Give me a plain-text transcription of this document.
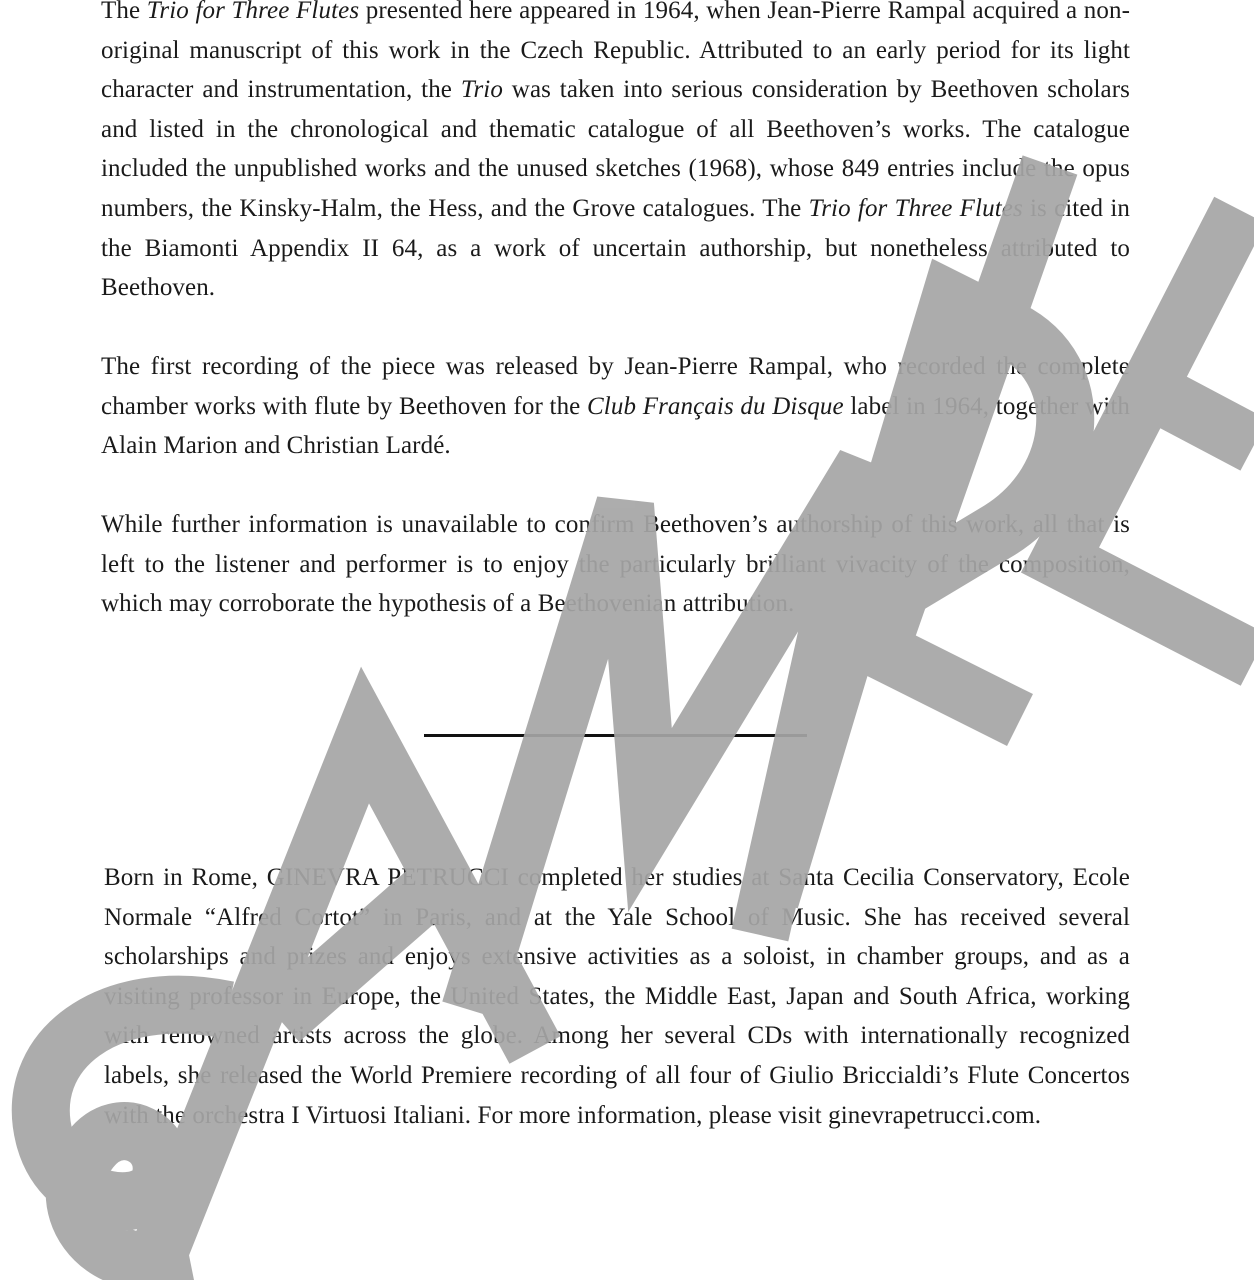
The Trio for Three Flutes presented here appeared in 1964, when Jean-Pierre Rampal acquired a non-original manuscript of this work in the Czech Republic. Attributed to an early period for its light character and instrumentation, the Trio was taken into serious consideration by Beethoven scholars and listed in the chronological and thematic catalogue of all Beethoven’s works. The catalogue included the unpublished works and the unused sketches (1968), whose 849 entries include the opus numbers, the Kinsky-Halm, the Hess, and the Grove catalogues. The Trio for Three Flutes is cited in the Biamonti Appendix II 64, as a work of uncertain authorship, but nonetheless attributed to Beethoven.

The first recording of the piece was released by Jean-Pierre Rampal, who recorded the complete chamber works with flute by Beethoven for the Club Français du Disque label in 1964, together with Alain Marion and Christian Lardé.

While further information is unavailable to confirm Beethoven’s authorship of this work, all that is left to the listener and performer is to enjoy the particularly brilliant vivacity of the composition, which may corroborate the hypothesis of a Beethovenian attribution.

Born in Rome, GINEVRA PETRUCCI completed her studies at Santa Cecilia Conservatory, Ecole Normale “Alfred Cortot” in Paris, and at the Yale School of Music. She has received several scholarships and prizes and enjoys extensive activities as a soloist, in chamber groups, and as a visiting professor in Europe, the United States, the Middle East, Japan and South Africa, working with renowned artists across the globe. Among her several CDs with internationally recognized labels, she released the World Premiere recording of all four of Giulio Briccialdi’s Flute Concertos with the orchestra I Virtuosi Italiani. For more information, please visit ginevrapetrucci.com.
